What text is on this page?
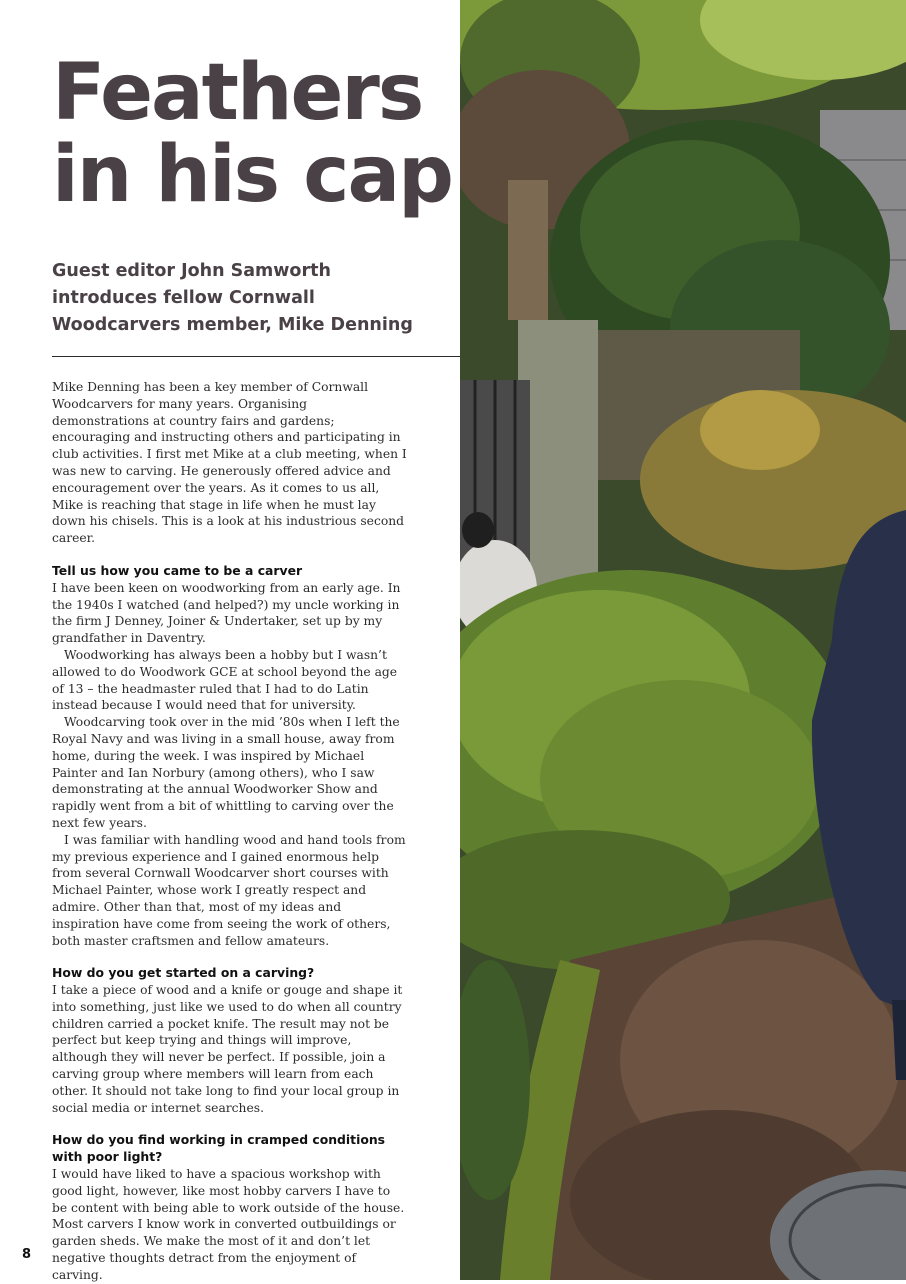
Feathers
in his cap

Guest editor John Samworth introduces fellow Cornwall Woodcarvers member, Mike Denning

Mike Denning has been a key member of Cornwall Woodcarvers for many years. Organising demonstrations at country fairs and gardens; encouraging and instructing others and participating in club activities. I first met Mike at a club meeting, when I was new to carving. He generously offered advice and encouragement over the years. As it comes to us all, Mike is reaching that stage in life when he must lay down his chisels. This is a look at his industrious second career.

Tell us how you came to be a carver

I have been keen on woodworking from an early age. In the 1940s I watched (and helped?) my uncle working in the firm J Denney, Joiner & Undertaker, set up by my grandfather in Daventry.

Woodworking has always been a hobby but I wasn’t allowed to do Woodwork GCE at school beyond the age of 13 – the headmaster ruled that I had to do Latin instead because I would need that for university.

Woodcarving took over in the mid ’80s when I left the Royal Navy and was living in a small house, away from home, during the week. I was inspired by Michael Painter and Ian Norbury (among others), who I saw demonstrating at the annual Woodworker Show and rapidly went from a bit of whittling to carving over the next few years.

I was familiar with handling wood and hand tools from my previous experience and I gained enormous help from several Cornwall Woodcarver short courses with Michael Painter, whose work I greatly respect and admire. Other than that, most of my ideas and inspiration have come from seeing the work of others, both master craftsmen and fellow amateurs.

How do you get started on a carving?

I take a piece of wood and a knife or gouge and shape it into something, just like we used to do when all country children carried a pocket knife. The result may not be perfect but keep trying and things will improve, although they will never be perfect. If possible, join a carving group where members will learn from each other. It should not take long to find your local group in social media or internet searches.

How do you find working in cramped conditions with poor light?

I would have liked to have a spacious workshop with good light, however, like most hobby carvers I have to be content with being able to work outside of the house. Most carvers I know work in converted outbuildings or garden sheds. We make the most of it and don’t let negative thoughts detract from the enjoyment of carving.

8
